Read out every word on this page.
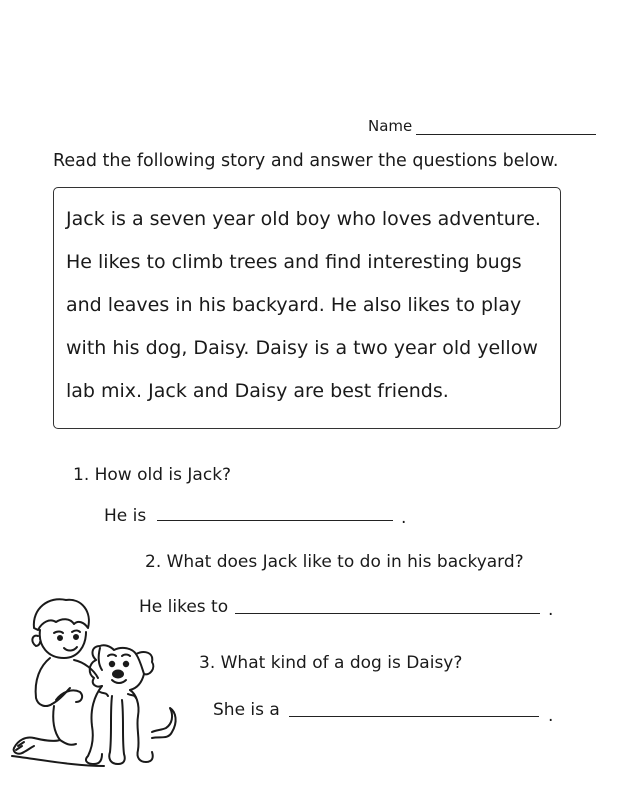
Name
Read the following story and answer the questions below.
Jack is a seven year old boy who loves adventure.
He likes to climb trees and find interesting bugs
and leaves in his backyard. He also likes to play
with his dog, Daisy. Daisy is a two year old yellow
lab mix. Jack and Daisy are best friends.
1. How old is Jack?
He is	.
2. What does Jack like to do in his backyard?
He likes to	.
3. What kind of a dog is Daisy?
She is a	.
